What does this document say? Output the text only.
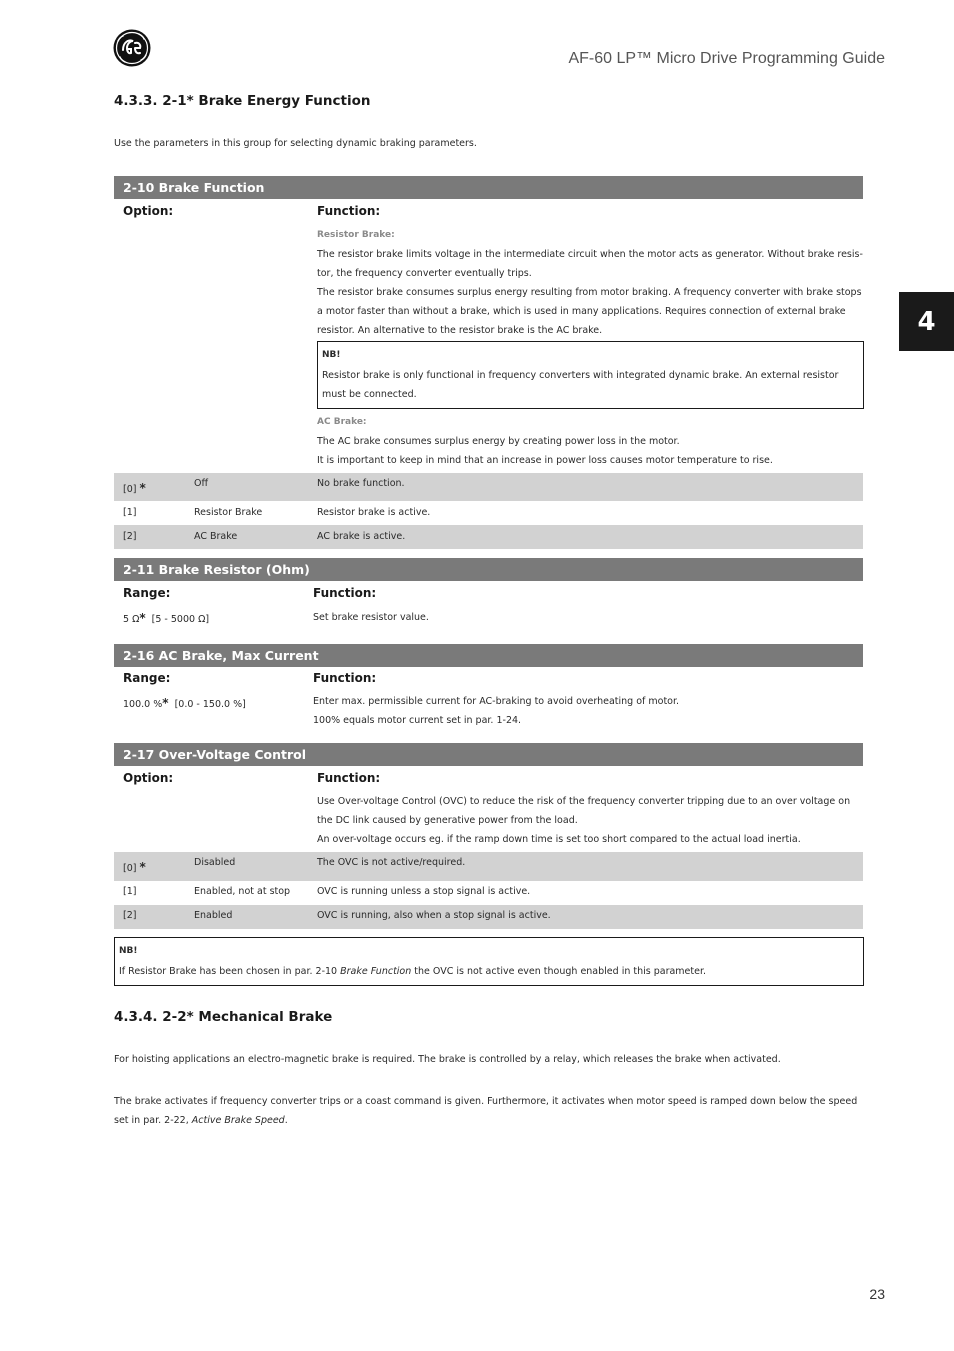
AF-60 LP™ Micro Drive Programming Guide
4
4.3.3. 2-1* Brake Energy Function
Use the parameters in this group for selecting dynamic braking parameters.
2-10 Brake Function
Option:	Function:
Resistor Brake:
The resistor brake limits voltage in the intermediate circuit when the motor acts as generator. Without brake resis- tor, the frequency converter eventually trips.
The resistor brake consumes surplus energy resulting from motor braking. A frequency converter with brake stops a motor faster than without a brake, which is used in many applications. Requires connection of external brake resistor. An alternative to the resistor brake is the AC brake.
NB!
Resistor brake is only functional in frequency converters with integrated dynamic brake. An external resistor must be connected.
AC Brake:
The AC brake consumes surplus energy by creating power loss in the motor.
It is important to keep in mind that an increase in power loss causes motor temperature to rise.
[0] *	Off	No brake function.
[1]	Resistor Brake	Resistor brake is active.
[2]	AC Brake	AC brake is active.
2-11 Brake Resistor (Ohm)
Range:	Function:
5 Ω* [5 - 5000 Ω]	Set brake resistor value.
2-16 AC Brake, Max Current
Range:	Function:
100.0 %* [0.0 - 150.0 %]	Enter max. permissible current for AC-braking to avoid overheating of motor.
100% equals motor current set in par. 1-24.
2-17 Over-Voltage Control
Option:	Function:
Use Over-voltage Control (OVC) to reduce the risk of the frequency converter tripping due to an over voltage on the DC link caused by generative power from the load.
An over-voltage occurs eg. if the ramp down time is set too short compared to the actual load inertia.
[0] *	Disabled	The OVC is not active/required.
[1]	Enabled, not at stop	OVC is running unless a stop signal is active.
[2]	Enabled	OVC is running, also when a stop signal is active.
NB!
If Resistor Brake has been chosen in par. 2-10 Brake Function the OVC is not active even though enabled in this parameter.
4.3.4. 2-2* Mechanical Brake
For hoisting applications an electro-magnetic brake is required. The brake is controlled by a relay, which releases the brake when activated.
The brake activates if frequency converter trips or a coast command is given. Furthermore, it activates when motor speed is ramped down below the speed set in par. 2-22, Active Brake Speed.
23
